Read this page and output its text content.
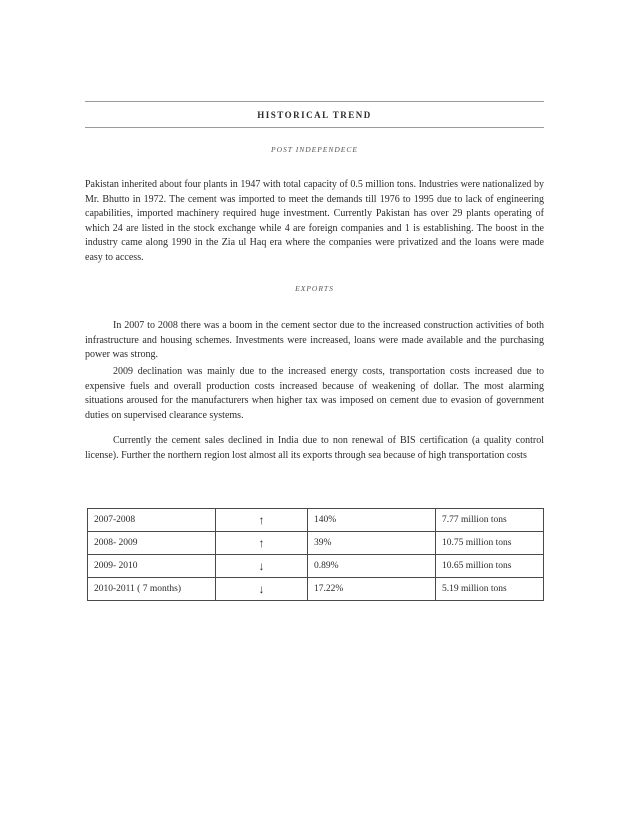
HISTORICAL TREND
POST INDEPENDECE

Pakistan inherited about four plants in 1947 with total capacity of 0.5 million tons. Industries were nationalized by Mr. Bhutto in 1972. The cement was imported to meet the demands till 1976 to 1995 due to lack of engineering capabilities, imported machinery required huge investment. Currently Pakistan has over 29 plants operating of which 24 are listed in the stock exchange while 4 are foreign companies and 1 is establishing. The boost in the industry came along 1990 in the Zia ul Haq era where the companies were privatized and the loans were made easy to access.

EXPORTS

In 2007 to 2008 there was a boom in the cement sector due to the increased construction activities of both infrastructure and housing schemes. Investments were increased, loans were made available and the purchasing power was strong.

2009 declination was mainly due to the increased energy costs, transportation costs increased due to expensive fuels and overall production costs increased because of weakening of dollar. The most alarming situations aroused for the manufacturers when higher tax was imposed on cement due to evasion of government duties on supervised clearance systems.

Currently the cement sales declined in India due to non renewal of BIS certification (a quality control license). Further the northern region lost almost all its exports through sea because of high transportation costs

2007-2008	↑	140%	7.77 million tons
2008- 2009	↑	39%	10.75 million tons
2009- 2010	↓	0.89%	10.65 million tons
2010-2011 ( 7 months)	↓	17.22%	5.19 million tons
